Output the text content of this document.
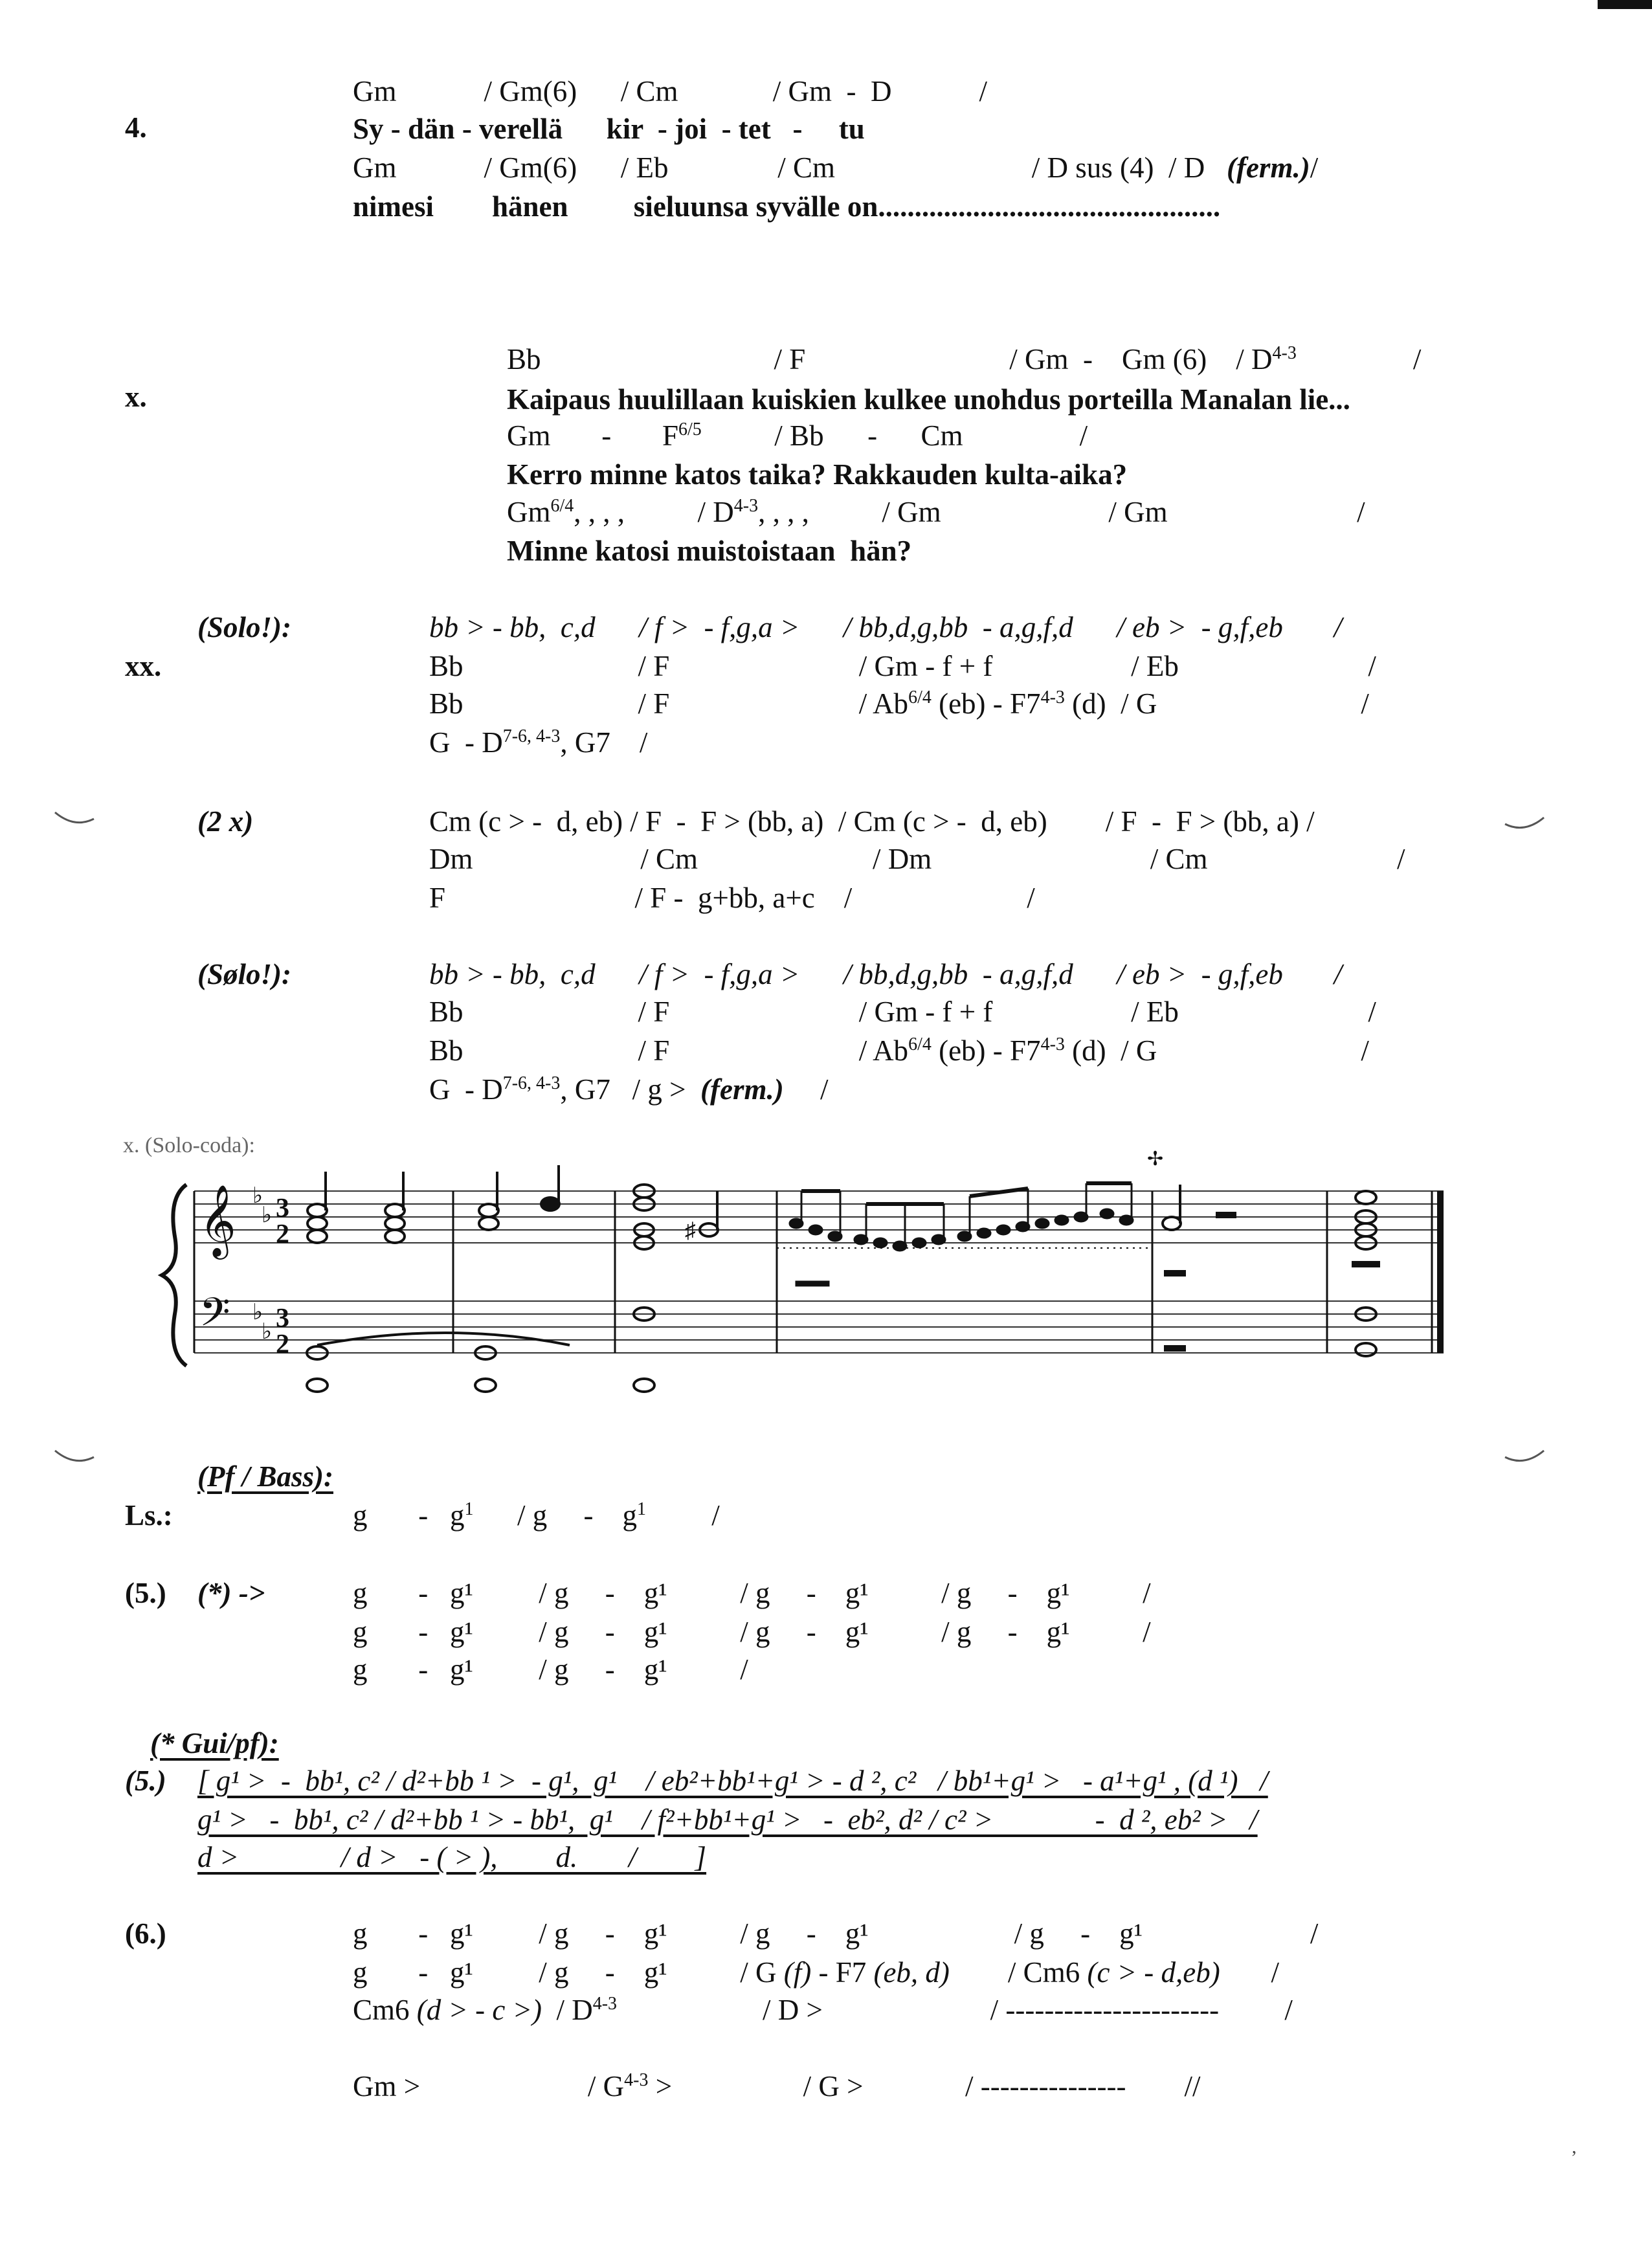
4.
Gm            / Gm(6)      / Cm             / Gm  -  D            /
Sy - dän - verellä      kir  - joi  - tet   -     tu
Gm            / Gm(6)      / Eb               / Cm                           / D sus (4)  / D   (ferm.)/
nimesi        hänen         sieluunsa syvälle on...............................................
x.
Bb                                / F                            / Gm  -    Gm (6)    / $D^{4-3}$                /
Kaipaus huulillaan kuiskien kulkee unohdus porteilla Manalan lie...
Gm       -       $F^{6/5}$          / Bb      -      Cm                /
Kerro minne katos taika? Rakkauden kulta-aika?
$Gm^{6/4}$, , , ,          / $D^{4-3}$, , , ,          / Gm                       / Gm                          /
Minne katosi muistoistaan  hän?
(Solo!):
xx.
bb > - bb,  c,d      / f >  - f,g,a >      / bb,d,g,bb  - a,g,f,d      / eb >  - g,f,eb       /
Bb                        / F                          / Gm - f + f                   / Eb                          /
Bb                        / F                          / $Ab^{6/4}$ (eb) - F7$^{4-3}$ (d)  / G                            /
G  - D$^{7-6, 4-3}$, G7    /
(2 x)	Cm (c > -  d, eb) / F  -  F > (bb, a)  / Cm (c > -  d, eb)        / F  -  F > (bb, a) /
Dm                       / Cm                        / Dm                              / Cm                          /
F                          / F -  g+bb, a+c    /                        /
(Sølo!):	bb > - bb,  c,d      / f >  - f,g,a >      / bb,d,g,bb  - a,g,f,d      / eb >  - g,f,eb       /
Bb                        / F                          / Gm - f + f                   / Eb                          /
Bb                        / F                          / $Ab^{6/4}$ (eb) - F7$^{4-3}$ (d)  / G                            /
G  - D$^{7-6, 4-3}$, G7   / g >  (ferm.)     /
x. (Solo-coda):
𝄞
𝄢
♭
♭
♭
♭
3
2
3
2
♯
✢
(Pf / Bass):
Ls.:	g       -   $g^1$      / g     -    $g^1$         /
(5.) (*) ->	g       -   g¹         / g     -    g¹          / g     -    g¹          / g     -    g¹          /
g       -   g¹         / g     -    g¹          / g     -    g¹          / g     -    g¹          /
g       -   g¹         / g     -    g¹          /
(* Gui/pf):
(5.) [ g¹ >  -  bb¹, c² / d²+bb ¹ >  - g¹,  g¹    / eb²+bb¹+g¹ > - d ², c²   / bb¹+g¹ >   - a¹+g¹ , (d ¹)   /
g¹ >   -  bb¹, c² / d²+bb ¹ > - bb¹,  g¹    / f²+bb¹+g¹ >   -  eb², d² / c² >              -  d ², eb² >   /
d >              / d >   - ( > ),        d.       /        ]
(6.)	g       -   g¹         / g     -    g¹          / g     -    g¹                    / g     -    g¹                       /
g       -   g¹         / g     -    g¹          / G (f) - F7 (eb, d)        / Cm6 (c > - d,eb)       /
Cm6 (d > - c >)  / $D^{4-3}$                    / D >                       / ----------------------         /
Gm >                       / $G^{4-3}$ >                  / G >              / ---------------        //
,
